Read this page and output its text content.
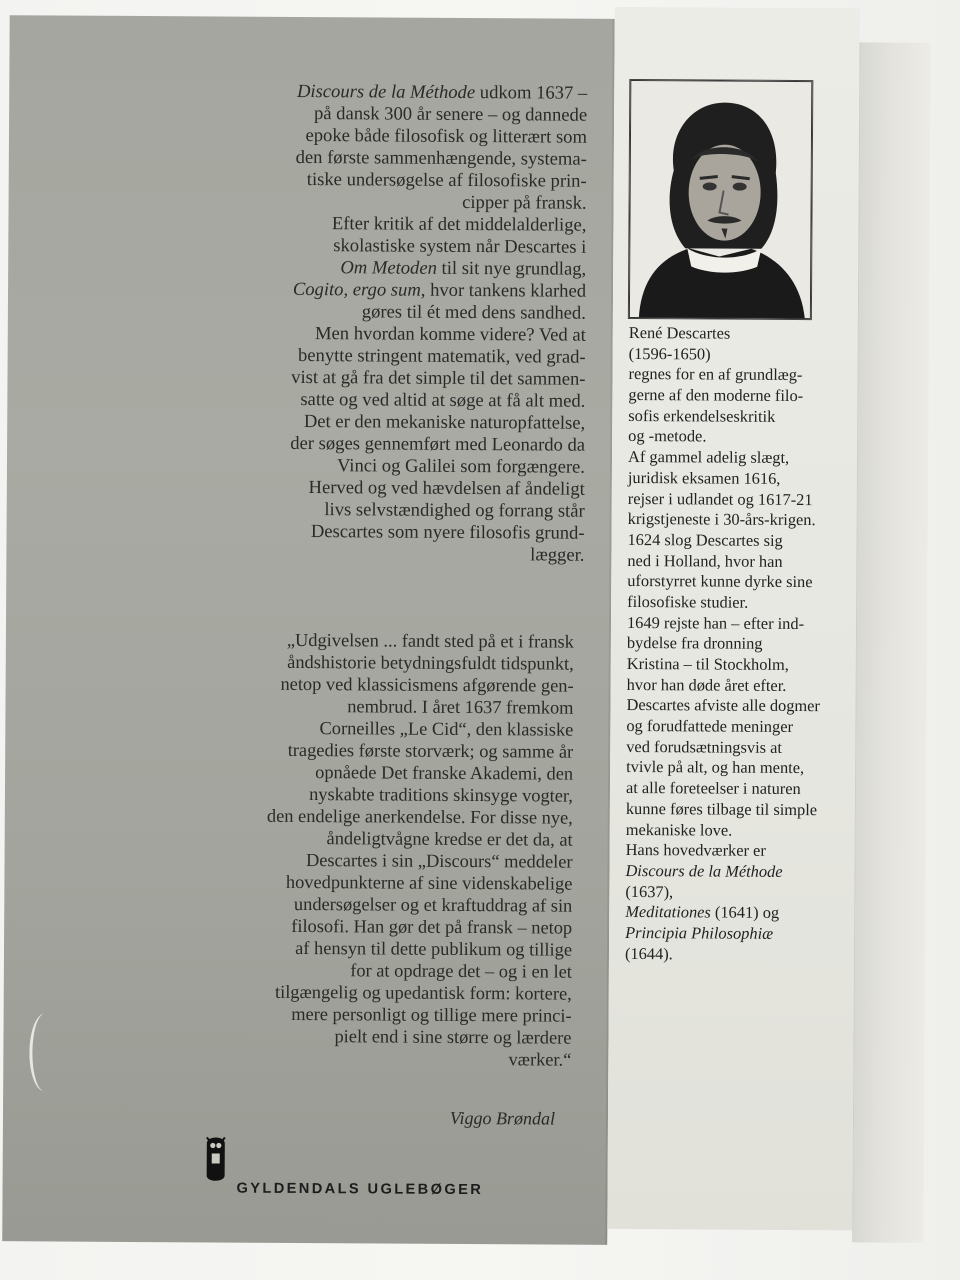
Discours de la Méthode udkom 1637 –
på dansk 300 år senere – og dannede
epoke både filosofisk og litterært som
den første sammenhængende, systema-
tiske undersøgelse af filosofiske prin-
cipper på fransk.
Efter kritik af det middelalderlige,
skolastiske system når Descartes i
Om Metoden til sit nye grundlag,
Cogito, ergo sum, hvor tankens klarhed
gøres til ét med dens sandhed.
Men hvordan komme videre? Ved at
benytte stringent matematik, ved grad-
vist at gå fra det simple til det sammen-
satte og ved altid at søge at få alt med.
Det er den mekaniske naturopfattelse,
der søges gennemført med Leonardo da
Vinci og Galilei som forgængere.
Herved og ved hævdelsen af åndeligt
livs selvstændighed og forrang står
Descartes som nyere filosofis grund-
lægger.
„Udgivelsen ... fandt sted på et i fransk
åndshistorie betydningsfuldt tidspunkt,
netop ved klassicismens afgørende gen-
nembrud. I året 1637 fremkom
Corneilles „Le Cid“, den klassiske
tragedies første storværk; og samme år
opnåede Det franske Akademi, den
nyskabte traditions skinsyge vogter,
den endelige anerkendelse. For disse nye,
åndeligtvågne kredse er det da, at
Descartes i sin „Discours“ meddeler
hovedpunkterne af sine videnskabelige
undersøgelser og et kraftuddrag af sin
filosofi. Han gør det på fransk – netop
af hensyn til dette publikum og tillige
for at opdrage det – og i en let
tilgængelig og upedantisk form: kortere,
mere personligt og tillige mere princi-
pielt end i sine større og lærdere
værker.“
Viggo Brøndal
René Descartes
(1596-1650)
regnes for en af grundlæg-
gerne af den moderne filo-
sofis erkendelseskritik
og -metode.
Af gammel adelig slægt,
juridisk eksamen 1616,
rejser i udlandet og 1617-21
krigstjeneste i 30-års-krigen.
1624 slog Descartes sig
ned i Holland, hvor han
uforstyrret kunne dyrke sine
filosofiske studier.
1649 rejste han – efter ind-
bydelse fra dronning
Kristina – til Stockholm,
hvor han døde året efter.
Descartes afviste alle dogmer
og forudfattede meninger
ved forudsætningsvis at
tvivle på alt, og han mente,
at alle foreteelser i naturen
kunne føres tilbage til simple
mekaniske love.
Hans hovedværker er
Discours de la Méthode
(1637),
Meditationes (1641) og
Principia Philosophiæ
(1644).
GYLDENDALS UGLEBØGER
